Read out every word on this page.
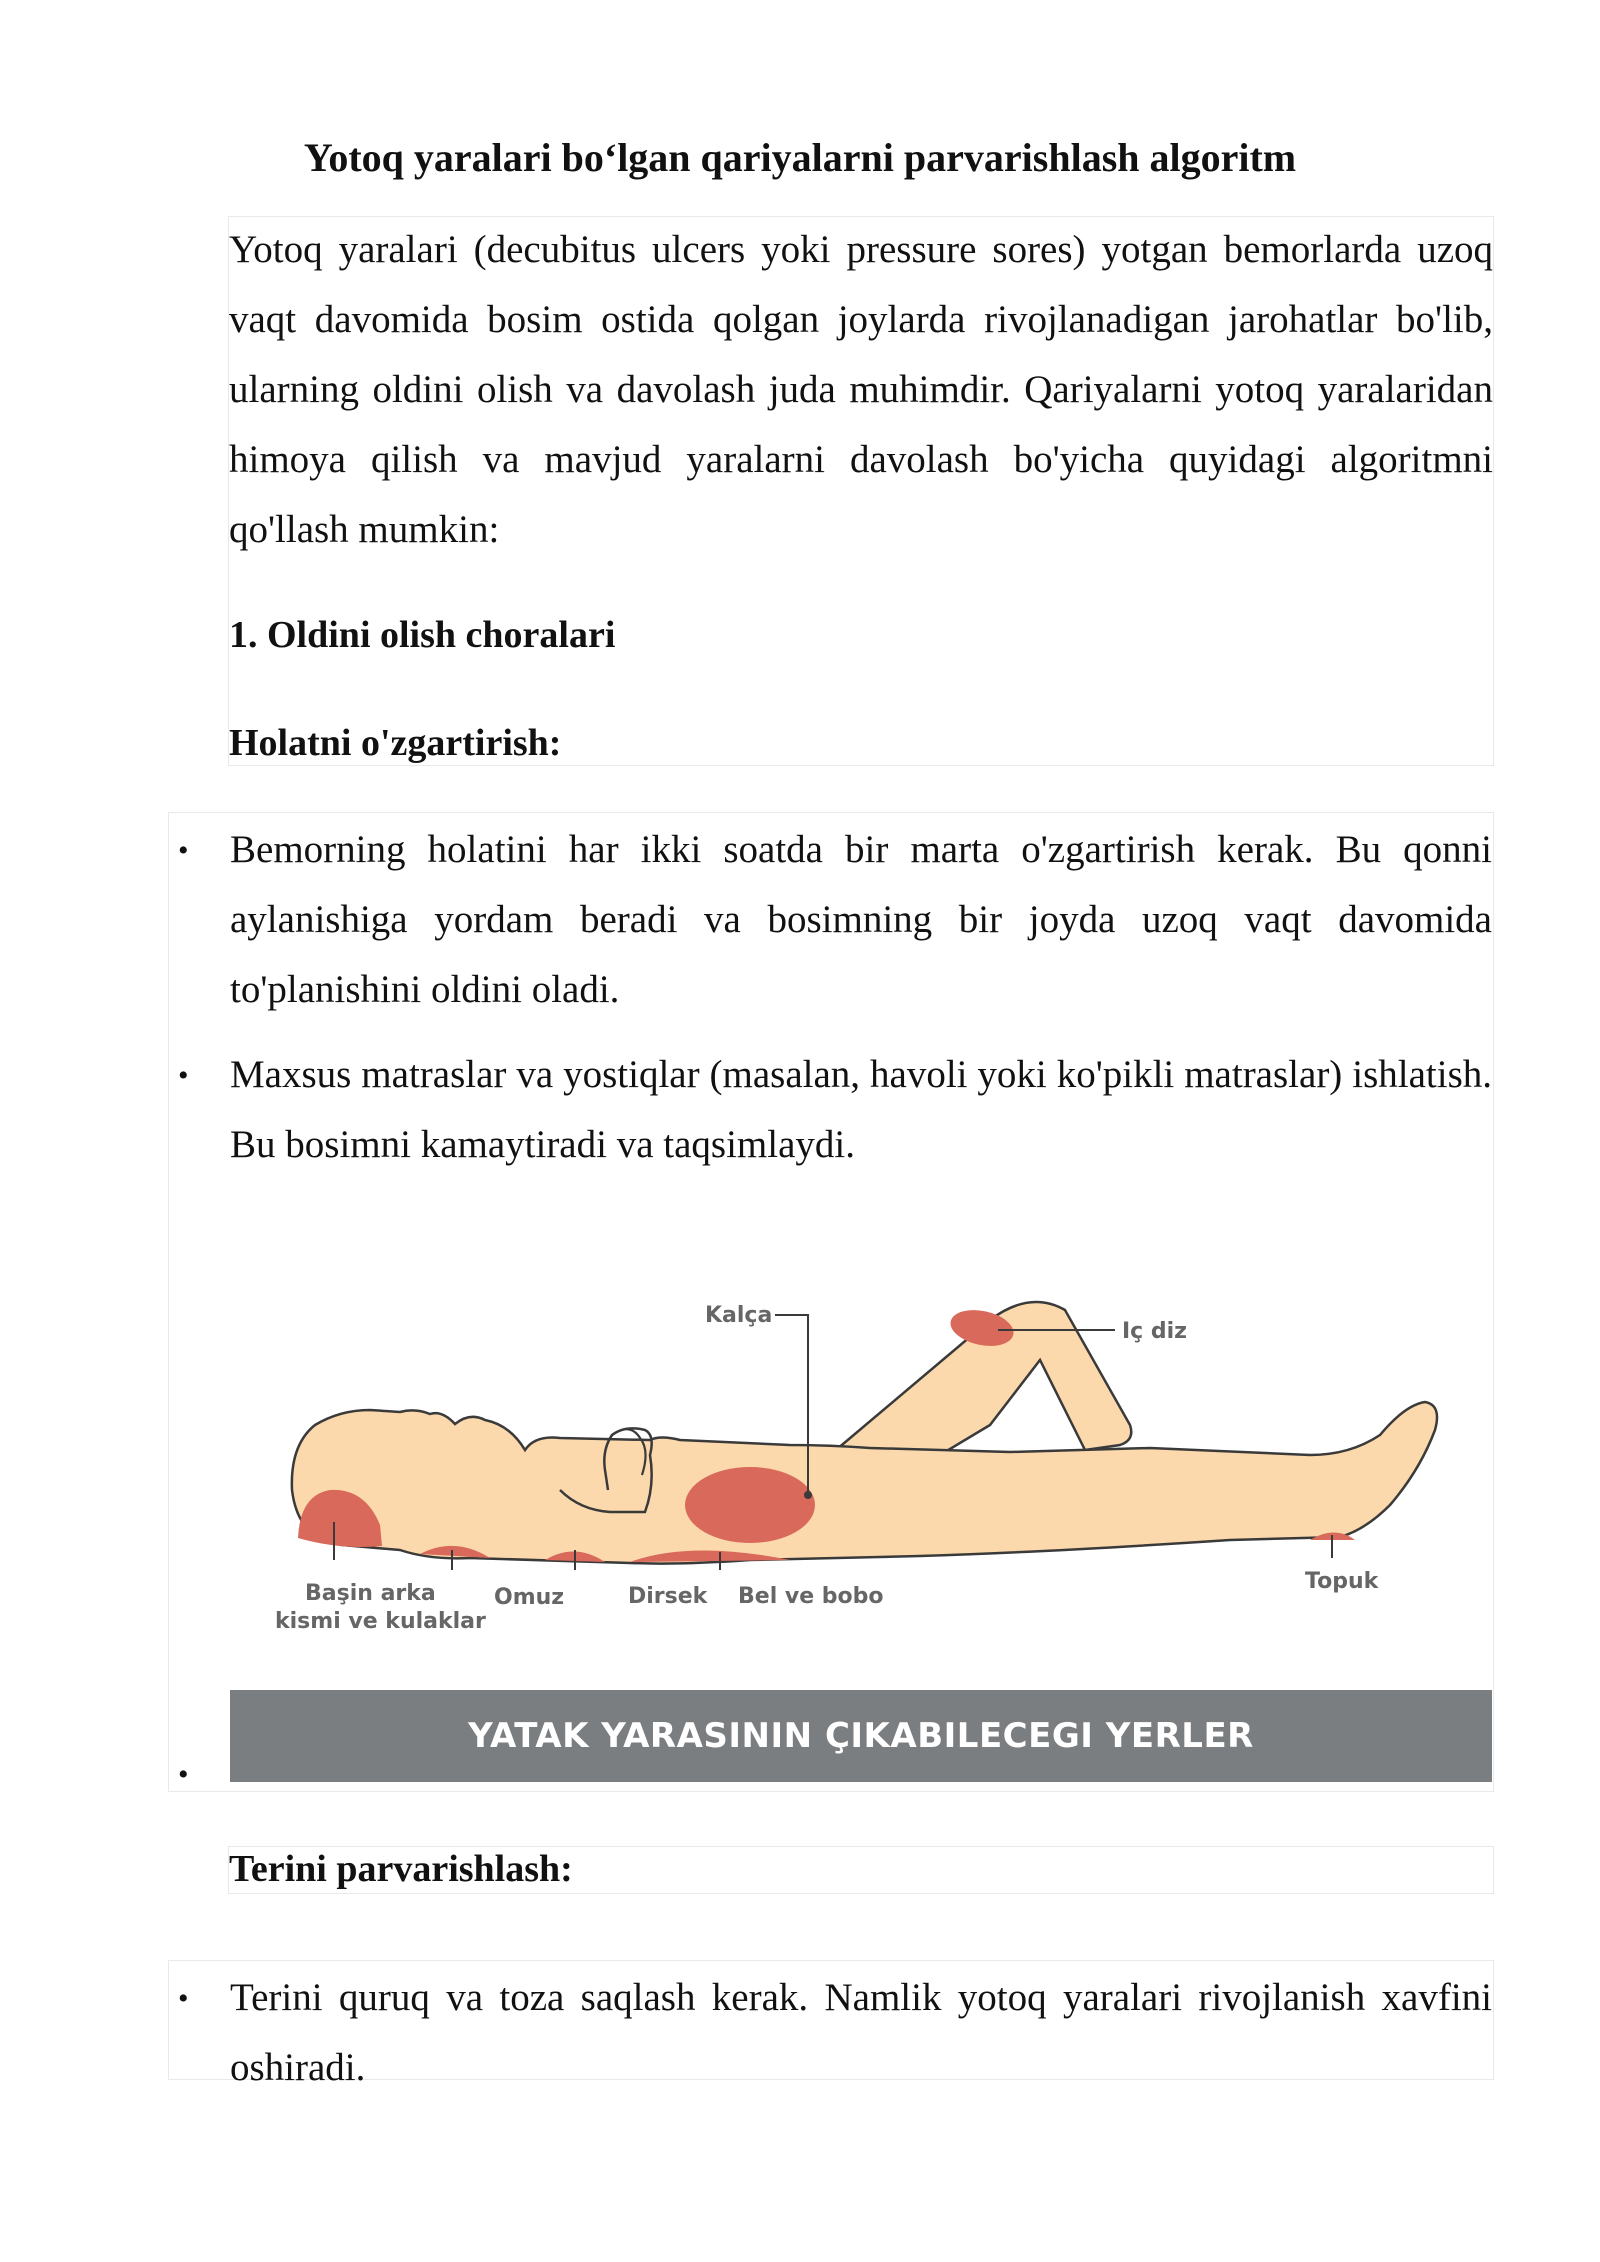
Yotoq yaralari bo‘lgan qariyalarni parvarishlash algoritm

Yotoq yaralari (decubitus ulcers yoki pressure sores) yotgan bemorlarda uzoq vaqt davomida bosim ostida qolgan joylarda rivojlanadigan jarohatlar bo'lib, ularning oldini olish va davolash juda muhimdir. Qariyalarni yotoq yaralaridan himoya qilish va mavjud yaralarni davolash bo'yicha quyidagi algoritmni qo'llash mumkin:

1. Oldini olish choralari

Holatni o'zgartirish:

• Bemorning holatini har ikki soatda bir marta o'zgartirish kerak. Bu qonni aylanishiga yordam beradi va bosimning bir joyda uzoq vaqt davomida to'planishini oldini oladi.

• Maxsus matraslar va yostiqlar (masalan, havoli yoki ko'pikli matraslar) ishlatish. Bu bosimni kamaytiradi va taqsimlaydi.

•
Kalça
Iç diz
Başin arka
kismi ve kulaklar
Omuz	Dirsek Bel ve bobo
Topuk
YATAK YARASININ ÇIKABILECEGI YERLER

Terini parvarishlash:

• Terini quruq va toza saqlash kerak. Namlik yotoq yaralari rivojlanish xavfini oshiradi.
